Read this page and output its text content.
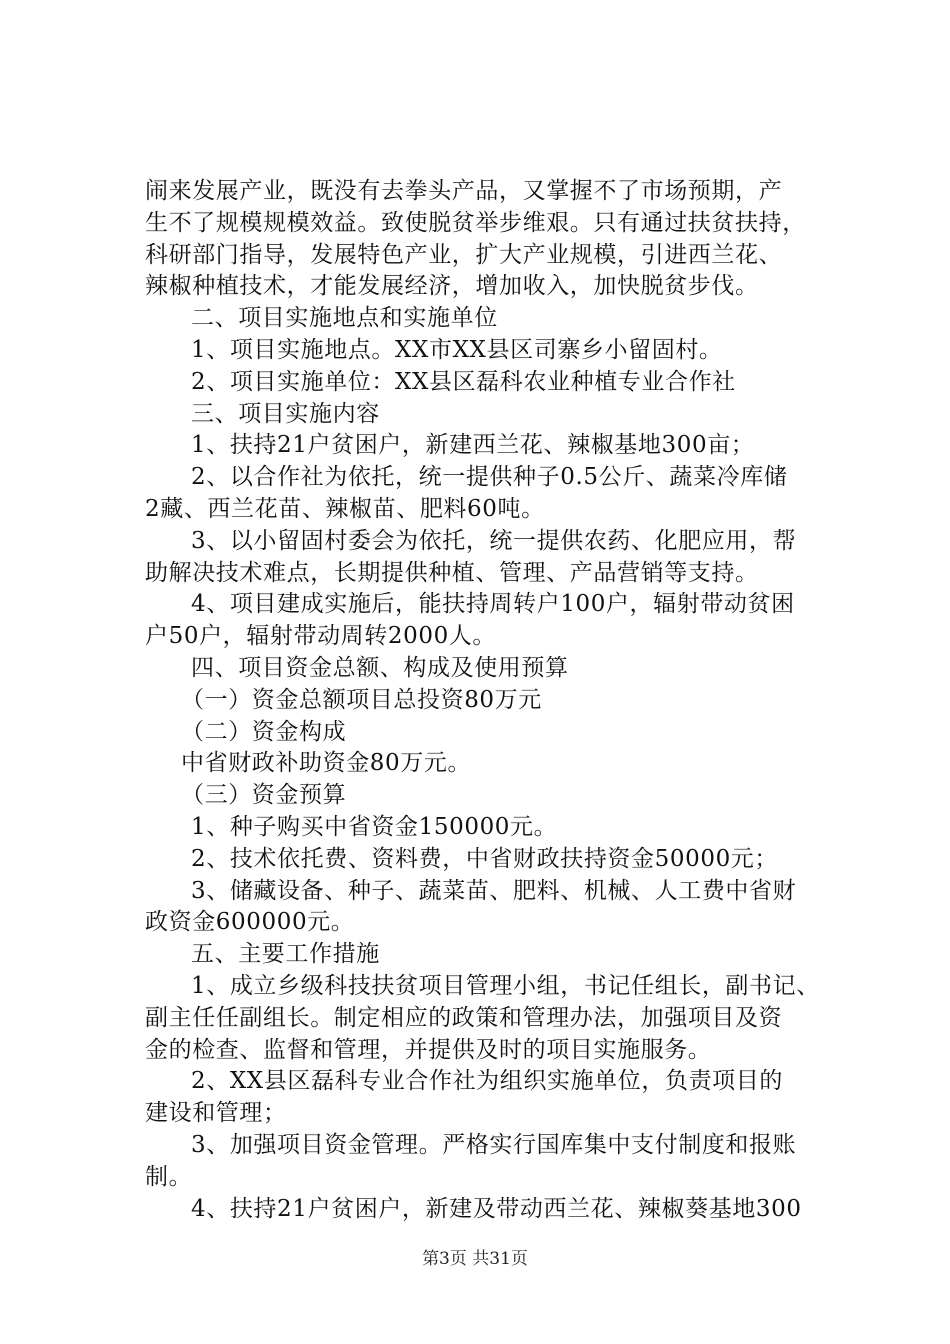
闹来发展产业，既没有去拳头产品，又掌握不了市场预期，产
生不了规模规模效益。致使脱贫举步维艰。只有通过扶贫扶持，
科研部门指导，发展特色产业，扩大产业规模，引进西兰花、
辣椒种植技术，才能发展经济，增加收入，加快脱贫步伐。
二、项目实施地点和实施单位
1、项目实施地点。XX市XX县区司寨乡小留固村。
2、项目实施单位：XX县区磊科农业种植专业合作社
三、项目实施内容
1、扶持21户贫困户，新建西兰花、辣椒基地300亩；
2、以合作社为依托，统一提供种子0.5公斤、蔬菜冷库储
2藏、西兰花苗、辣椒苗、肥料60吨。
3、以小留固村委会为依托，统一提供农药、化肥应用，帮
助解决技术难点，长期提供种植、管理、产品营销等支持。
4、项目建成实施后，能扶持周转户100户，辐射带动贫困
户50户，辐射带动周转2000人。
四、项目资金总额、构成及使用预算
（一）资金总额项目总投资80万元
（二）资金构成
中省财政补助资金80万元。
（三）资金预算
1、种子购买中省资金150000元。
2、技术依托费、资料费，中省财政扶持资金50000元；
3、储藏设备、种子、蔬菜苗、肥料、机械、人工费中省财
政资金600000元。
五、主要工作措施
1、成立乡级科技扶贫项目管理小组，书记任组长，副书记、
副主任任副组长。制定相应的政策和管理办法，加强项目及资
金的检查、监督和管理，并提供及时的项目实施服务。
2、XX县区磊科专业合作社为组织实施单位，负责项目的
建设和管理；
3、加强项目资金管理。严格实行国库集中支付制度和报账
制。
4、扶持21户贫困户，新建及带动西兰花、辣椒葵基地300
第3页 共31页
